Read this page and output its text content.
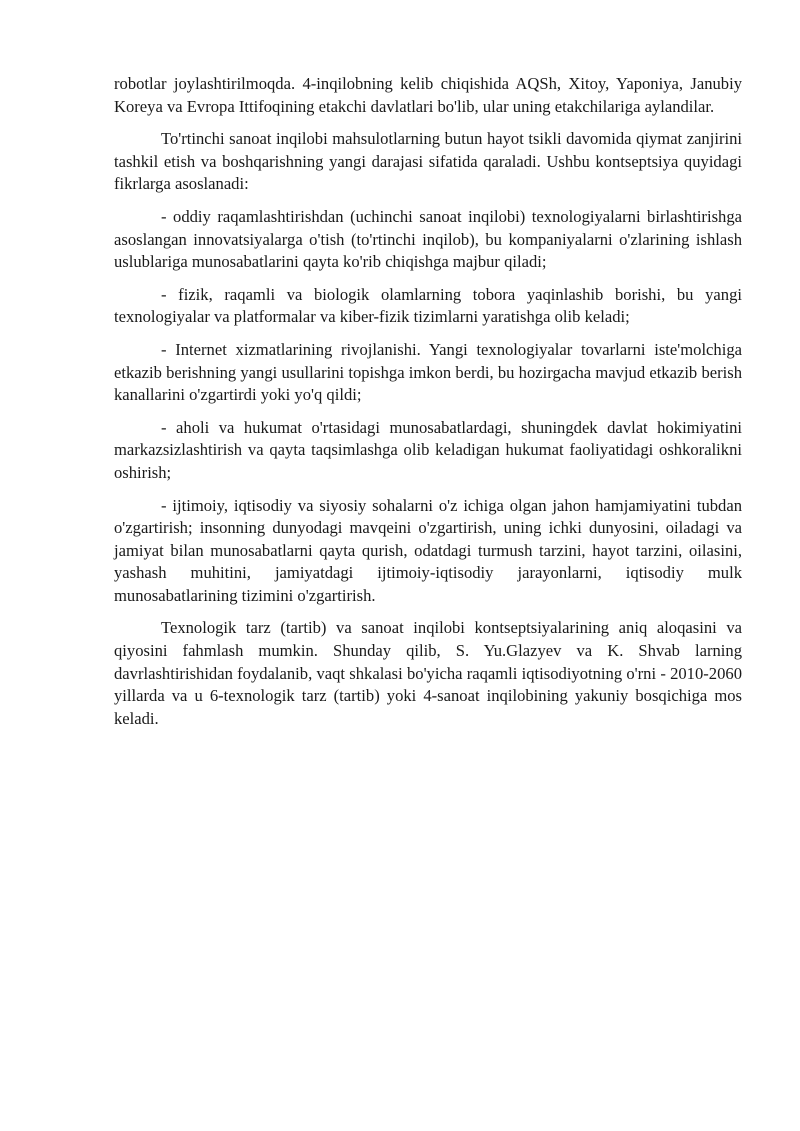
robotlar joylashtirilmoqda. 4-inqilobning kelib chiqishida AQSh, Xitoy, Yaponiya, Janubiy Koreya va Evropa Ittifoqining etakchi davlatlari bo'lib, ular uning etakchilariga aylandilar.

To'rtinchi sanoat inqilobi mahsulotlarning butun hayot tsikli davomida qiymat zanjirini tashkil etish va boshqarishning yangi darajasi sifatida qaraladi. Ushbu kontseptsiya quyidagi fikrlarga asoslanadi:

- oddiy raqamlashtirishdan (uchinchi sanoat inqilobi) texnologiyalarni birlashtirishga asoslangan innovatsiyalarga o'tish (to'rtinchi inqilob), bu kompaniyalarni o'zlarining ishlash uslublariga munosabatlarini qayta ko'rib chiqishga majbur qiladi;

- fizik, raqamli va biologik olamlarning tobora yaqinlashib borishi, bu yangi texnologiyalar va platformalar va kiber-fizik tizimlarni yaratishga olib keladi;

- Internet xizmatlarining rivojlanishi. Yangi texnologiyalar tovarlarni iste'molchiga etkazib berishning yangi usullarini topishga imkon berdi, bu hozirgacha mavjud etkazib berish kanallarini o'zgartirdi yoki yo'q qildi;

- aholi va hukumat o'rtasidagi munosabatlardagi, shuningdek davlat hokimiyatini markazsizlashtirish va qayta taqsimlashga olib keladigan hukumat faoliyatidagi oshkoralikni oshirish;

- ijtimoiy, iqtisodiy va siyosiy sohalarni o'z ichiga olgan jahon hamjamiyatini tubdan o'zgartirish; insonning dunyodagi mavqeini o'zgartirish, uning ichki dunyosini, oiladagi va jamiyat bilan munosabatlarni qayta qurish, odatdagi turmush tarzini, hayot tarzini, oilasini, yashash muhitini, jamiyatdagi ijtimoiy-iqtisodiy jarayonlarni, iqtisodiy mulk munosabatlarining tizimini o'zgartirish.

Texnologik tarz (tartib) va sanoat inqilobi kontseptsiyalarining aniq aloqasini va qiyosini fahmlash mumkin. Shunday qilib, S. Yu.Glazyev va K. Shvab larning davrlashtirishidan foydalanib, vaqt shkalasi bo'yicha raqamli iqtisodiyotning o'rni - 2010-2060 yillarda va u 6-texnologik tarz (tartib) yoki 4-sanoat inqilobining yakuniy bosqichiga mos keladi.
